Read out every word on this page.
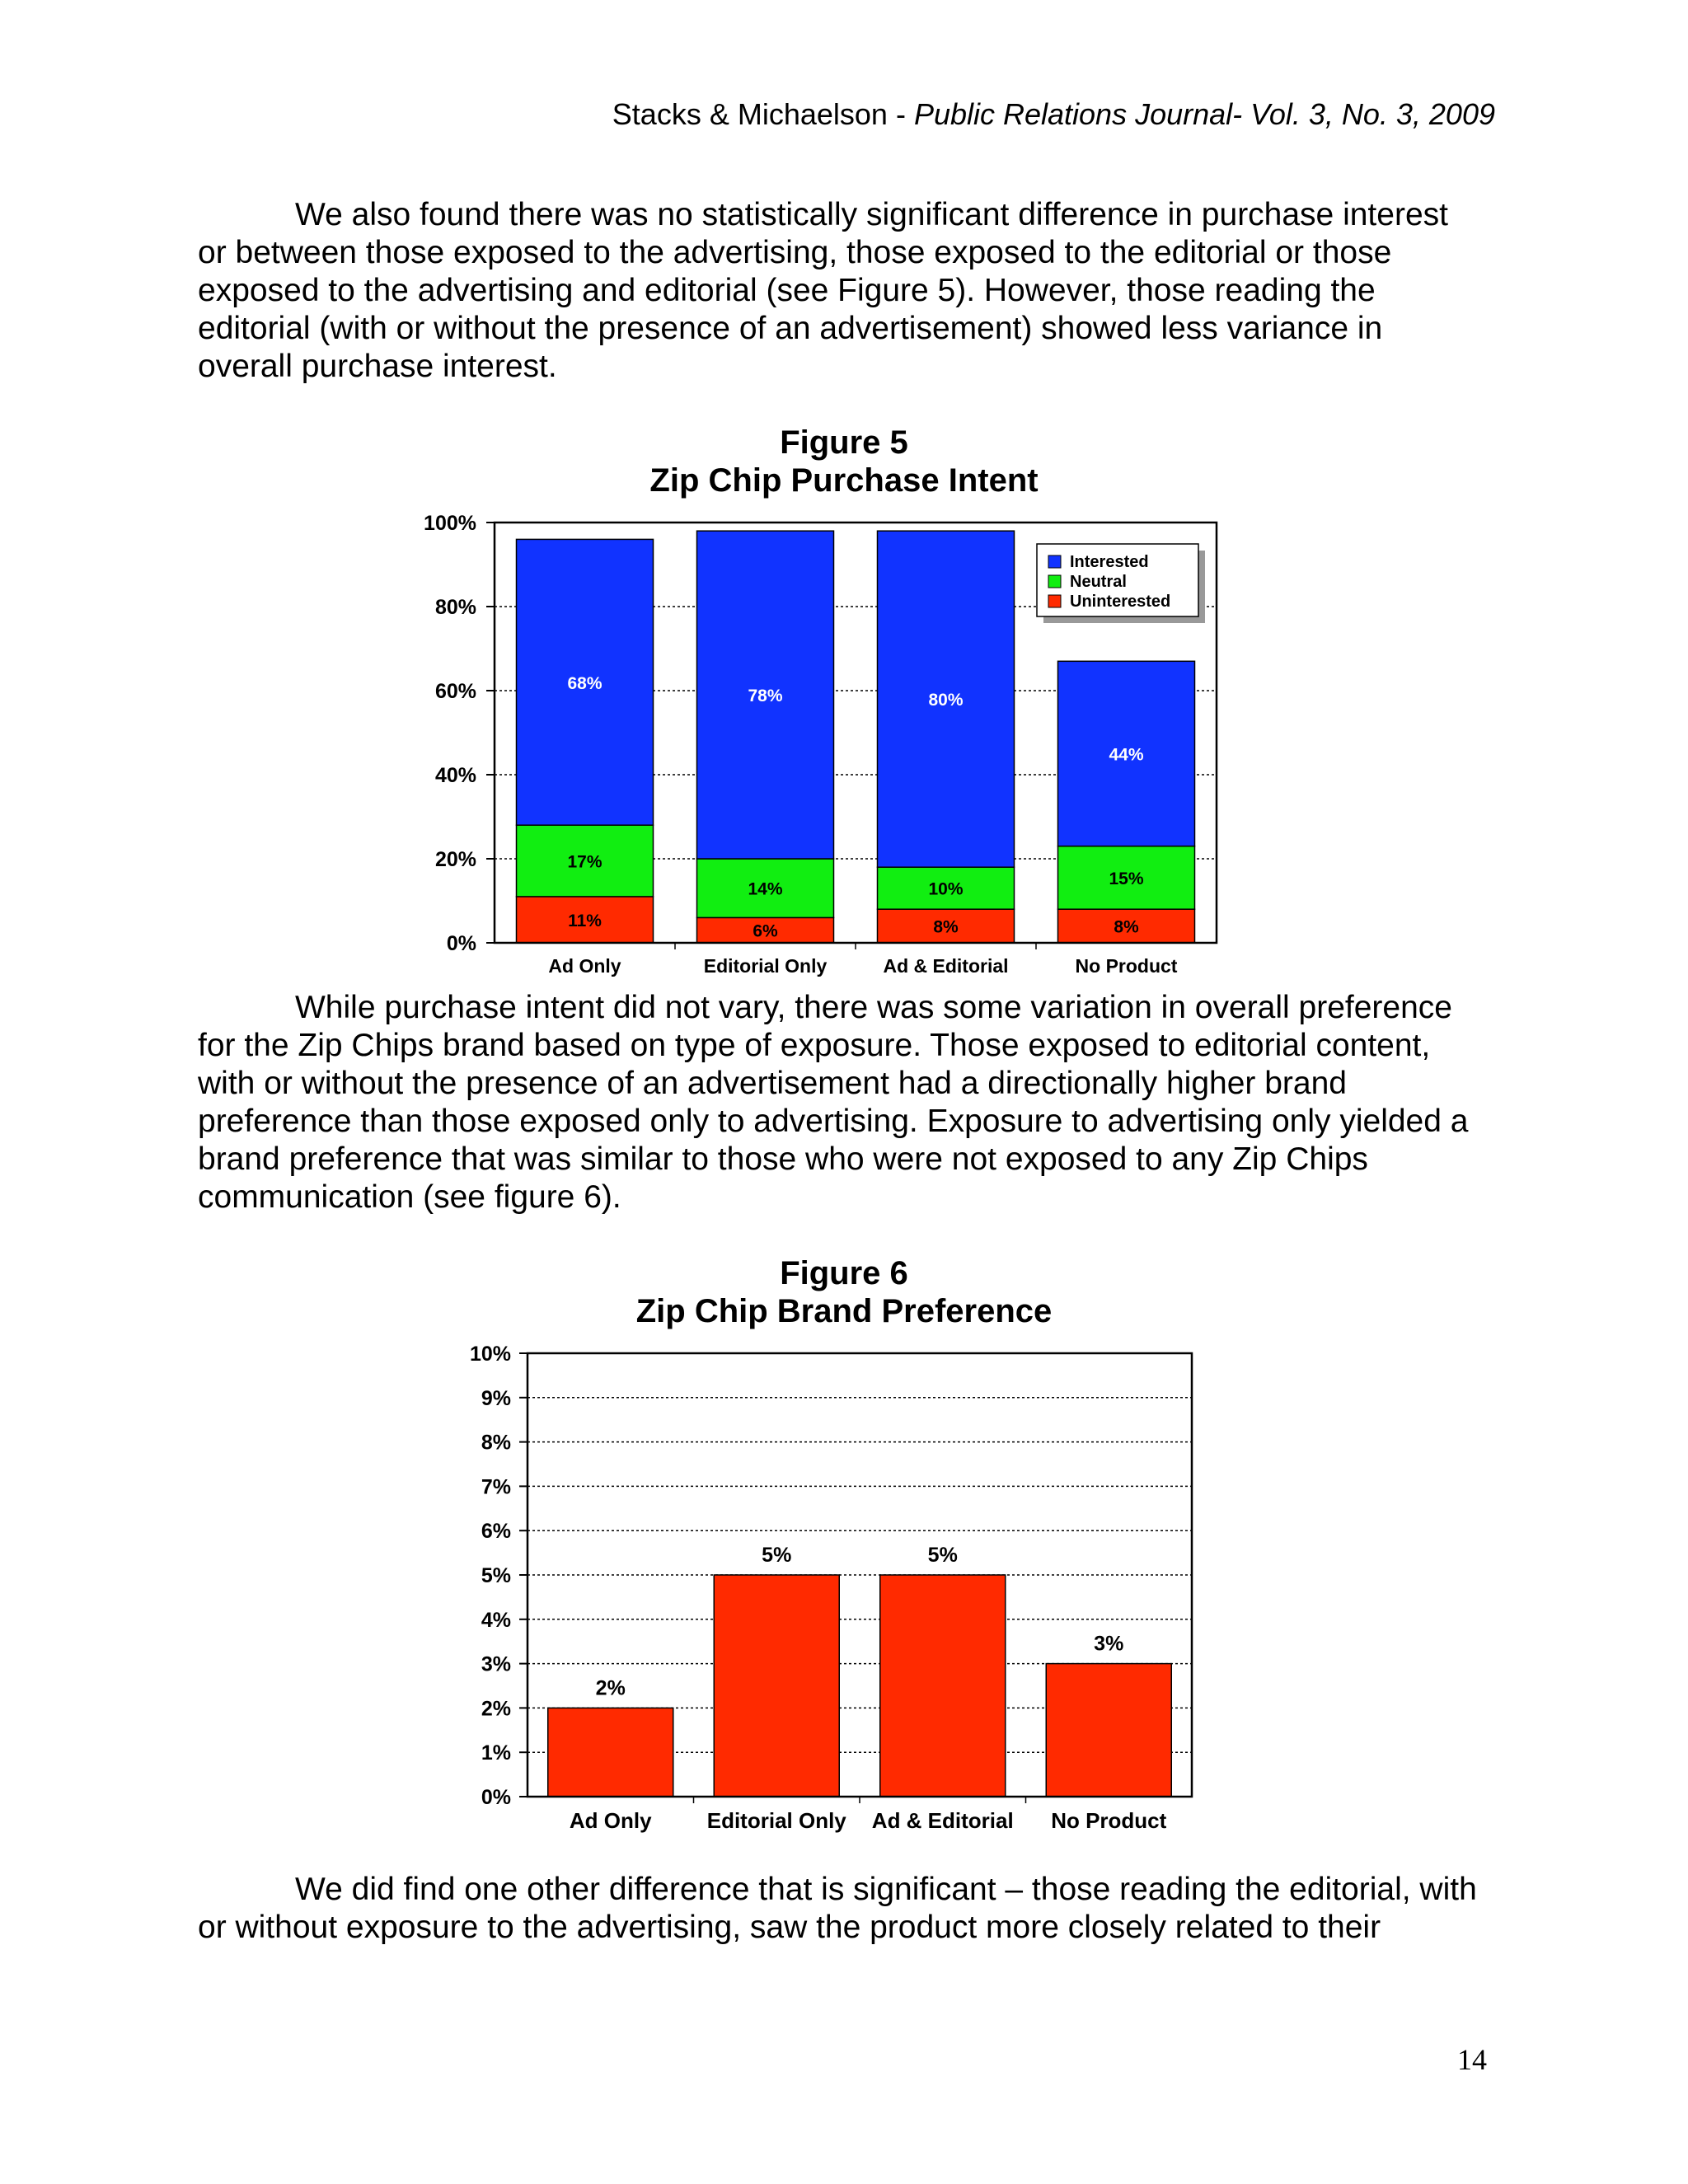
Stacks & Michaelson - Public Relations Journal- Vol. 3, No. 3, 2009

We also found there was no statistically significant difference in purchase interest or between those exposed to the advertising, those exposed to the editorial or those exposed to the advertising and editorial (see Figure 5). However, those reading the editorial (with or without the presence of an advertisement) showed less variance in overall purchase interest.

Figure 5
Zip Chip Purchase Intent
0%
20%
40%
60%
80%
100%
11%
17%
68%
Ad Only
6%
14%
78%
Editorial Only
8%
10%
80%
Ad & Editorial
8%
15%
44%
No Product
Interested
Neutral
Uninterested

While purchase intent did not vary, there was some variation in overall preference for the Zip Chips brand based on type of exposure. Those exposed to editorial content, with or without the presence of an advertisement had a directionally higher brand preference than those exposed only to advertising. Exposure to advertising only yielded a brand preference that was similar to those who were not exposed to any Zip Chips communication (see figure 6).

Figure 6
Zip Chip Brand Preference
0%
1%
2%
3%
4%
5%
6%
7%
8%
9%
10%
2%
Ad Only
5%
Editorial Only
5%
Ad & Editorial
3%
No Product

We did find one other difference that is significant – those reading the editorial, with or without exposure to the advertising, saw the product more closely related to their

14
